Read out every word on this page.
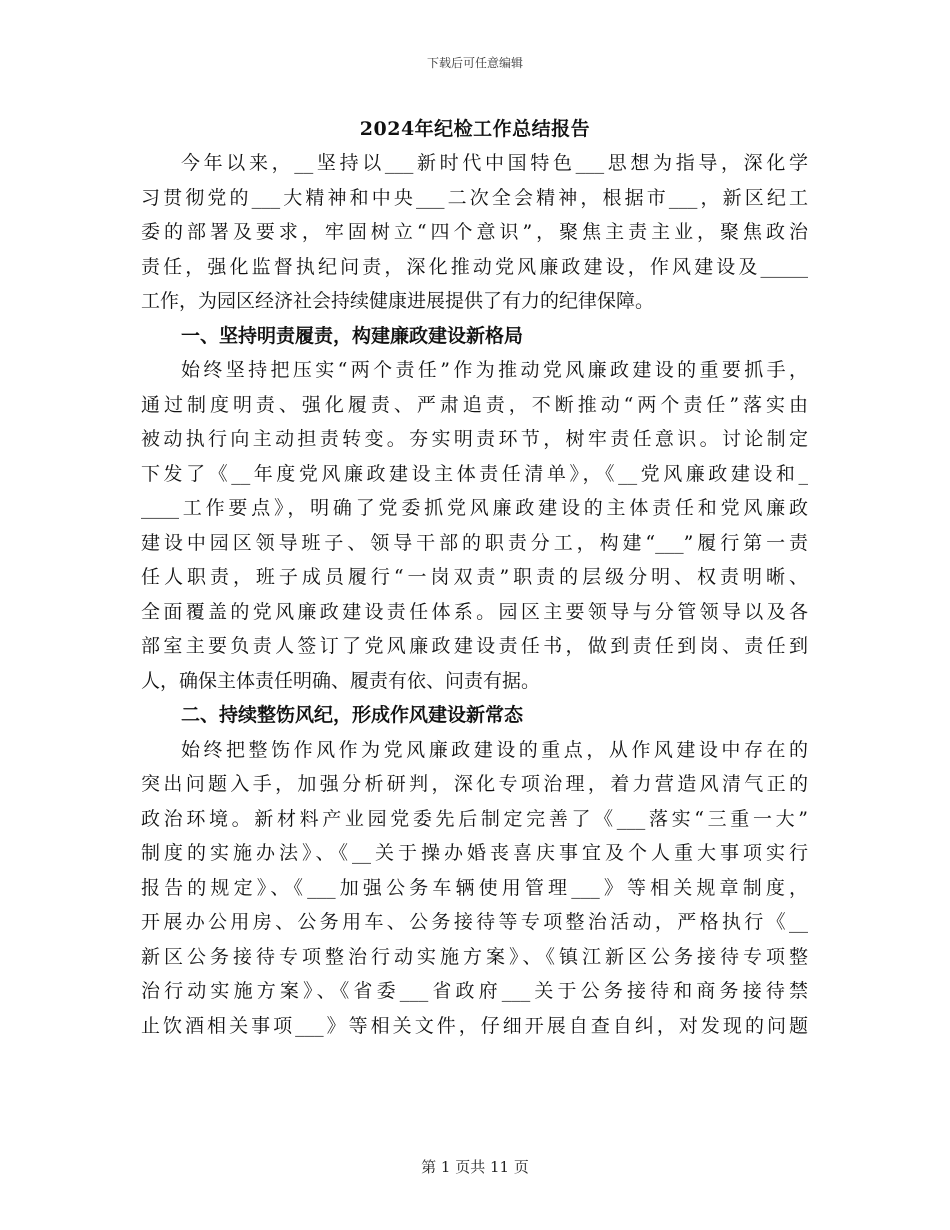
下载后可任意编辑
2024年纪检工作总结报告
今年以来，__坚持以___新时代中国特色___思想为指导，深化学
习贯彻党的___大精神和中央___二次全会精神，根据市___，新区纪工
委的部署及要求，牢固树立“四个意识”，聚焦主责主业，聚焦政治
责任，强化监督执纪问责，深化推动党风廉政建设，作风建设及_____
工作，为园区经济社会持续健康进展提供了有力的纪律保障。
一、坚持明责履责，构建廉政建设新格局
始终坚持把压实“两个责任”作为推动党风廉政建设的重要抓手，
通过制度明责、强化履责、严肃追责，不断推动“两个责任”落实由
被动执行向主动担责转变。夯实明责环节，树牢责任意识。讨论制定
下发了《__年度党风廉政建设主体责任清单》，《__党风廉政建设和_
____工作要点》，明确了党委抓党风廉政建设的主体责任和党风廉政
建设中园区领导班子、领导干部的职责分工，构建“___”履行第一责
任人职责，班子成员履行“一岗双责”职责的层级分明、权责明晰、
全面覆盖的党风廉政建设责任体系。园区主要领导与分管领导以及各
部室主要负责人签订了党风廉政建设责任书，做到责任到岗、责任到
人，确保主体责任明确、履责有依、问责有据。
二、持续整饬风纪，形成作风建设新常态
始终把整饬作风作为党风廉政建设的重点，从作风建设中存在的
突出问题入手，加强分析研判，深化专项治理，着力营造风清气正的
政治环境。新材料产业园党委先后制定完善了《___落实“三重一大”
制度的实施办法》、《__关于操办婚丧喜庆事宜及个人重大事项实行
报告的规定》、《___加强公务车辆使用管理___》等相关规章制度，
开展办公用房、公务用车、公务接待等专项整治活动，严格执行《__
新区公务接待专项整治行动实施方案》、《镇江新区公务接待专项整
治行动实施方案》、《省委___省政府___关于公务接待和商务接待禁
止饮酒相关事项___》等相关文件，仔细开展自查自纠，对发现的问题
第 1 页共 11 页
